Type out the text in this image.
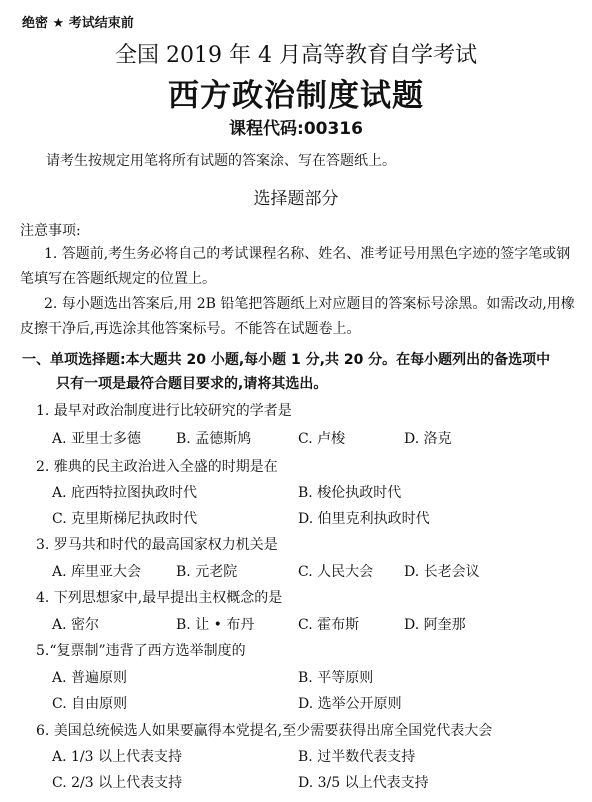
绝密 ★ 考试结束前
全国 2019 年 4 月高等教育自学考试
西方政治制度试题
课程代码:00316
请考生按规定用笔将所有试题的答案涂、写在答题纸上。
选择题部分
注意事项:
1. 答题前,考生务必将自己的考试课程名称、姓名、准考证号用黑色字迹的签字笔或钢笔填写在答题纸规定的位置上。
2. 每小题选出答案后,用 2B 铅笔把答题纸上对应题目的答案标号涂黑。如需改动,用橡皮擦干净后,再选涂其他答案标号。不能答在试题卷上。
一、单项选择题:本大题共 20 小题,每小题 1 分,共 20 分。在每小题列出的备选项中
只有一项是最符合题目要求的,请将其选出。
1. 最早对政治制度进行比较研究的学者是
A. 亚里士多德 B. 孟德斯鸠	C. 卢梭	D. 洛克
2. 雅典的民主政治进入全盛的时期是在
A. 庇西特拉图执政时代	B. 梭伦执政时代
C. 克里斯梯尼执政时代	D. 伯里克利执政时代
3. 罗马共和时代的最高国家权力机关是
A. 库里亚大会 B. 元老院	C. 人民大会 D. 长老会议
4. 下列思想家中,最早提出主权概念的是
A. 密尔	B. 让 • 布丹	C. 霍布斯	D. 阿奎那
5.“复票制”违背了西方选举制度的
A. 普遍原则	B. 平等原则
C. 自由原则	D. 选举公开原则
6. 美国总统候选人如果要赢得本党提名,至少需要获得出席全国党代表大会
A. 1/3 以上代表支持	B. 过半数代表支持
C. 2/3 以上代表支持	D. 3/5 以上代表支持
